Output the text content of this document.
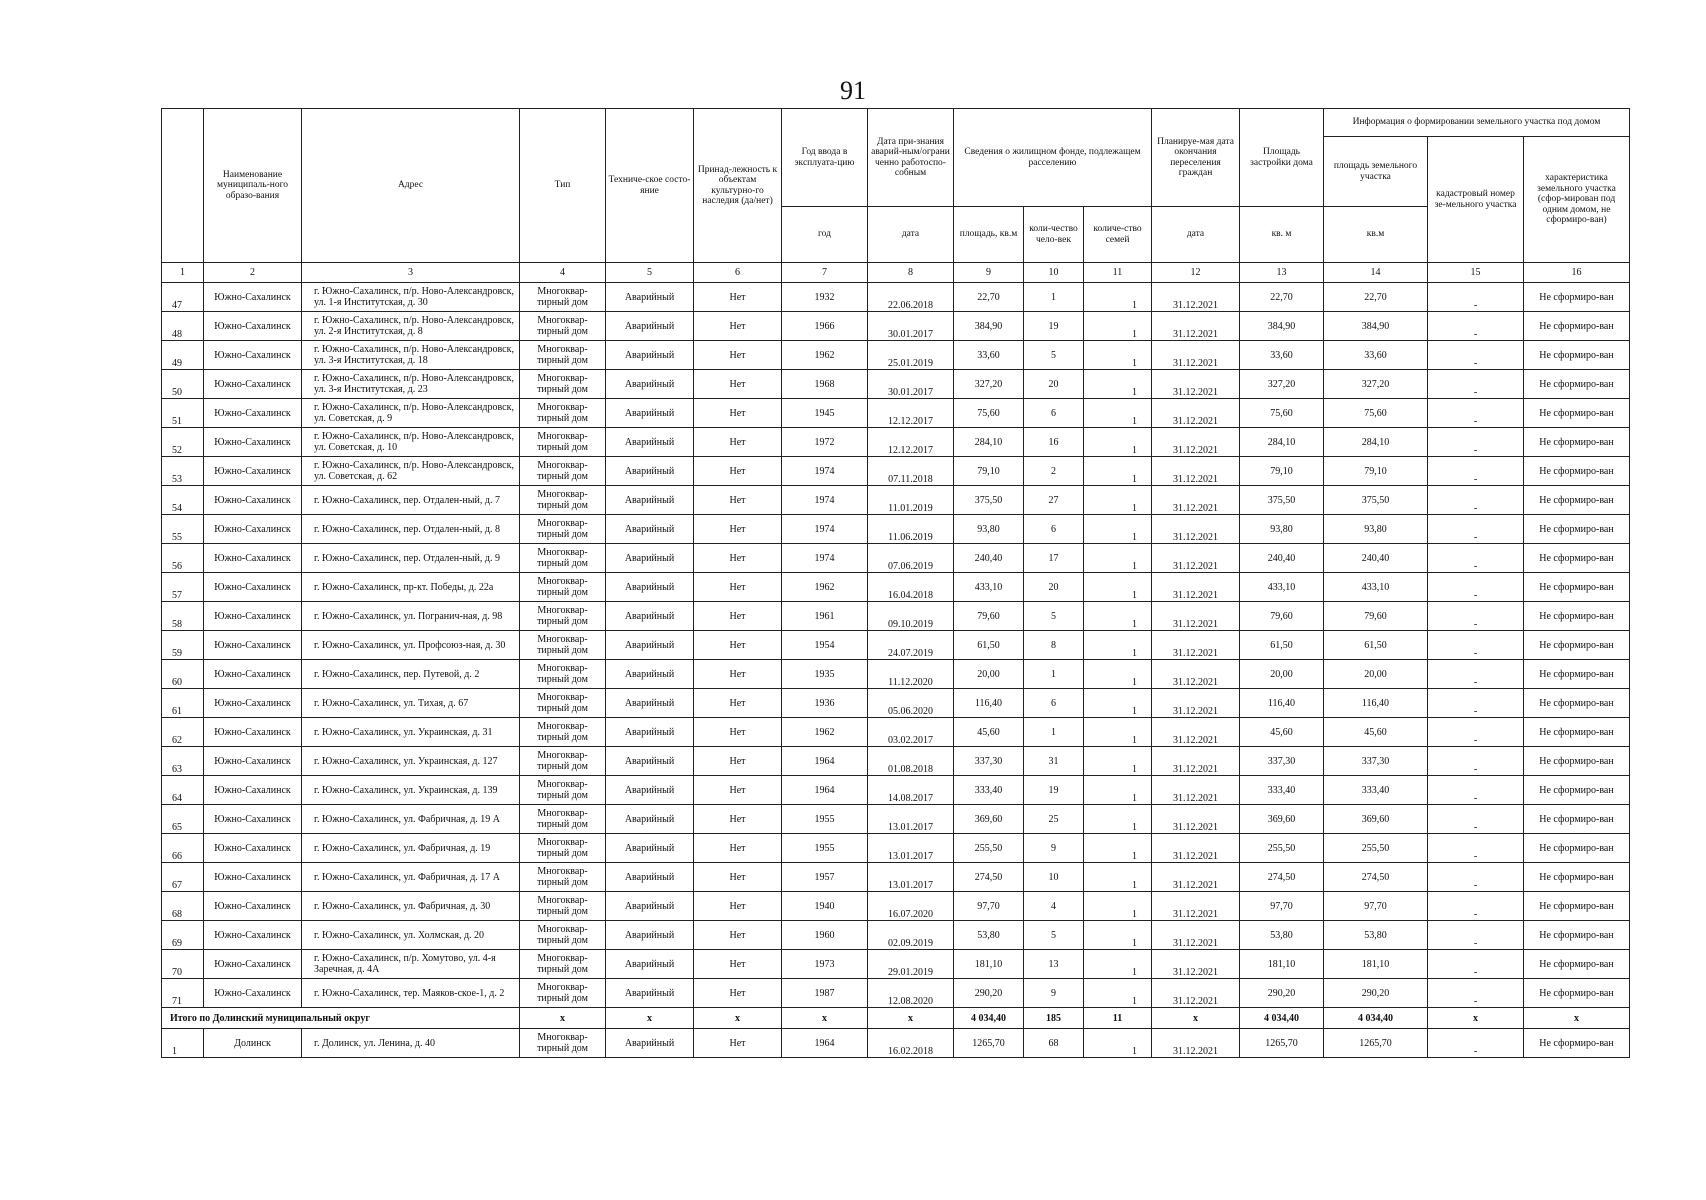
91
	Наименование муниципаль-ного образо-вания	Адрес	Тип	Техниче-ское состо-яние	Принад-лежность к объектам культурно-го наследия (да/нет)	Год ввода в эксплуата-цию	Дата при-знания аварий-ным/ограни ченно работоспо-собным	Сведения о жилищном фонде, подлежащем расселению			Планируе-мая дата окончания переселения граждан	Площадь застройки дома	Информация о формировании земельного участка под домом		
													площадь земельного участка	кадастровый номер зе-мельного участка	характеристика земельного участка (сфор-мирован под одним домом, не сформиро-ван)
						год	дата	площадь, кв.м	коли-чество чело-век	количе-ство семей	дата	кв. м	кв.м		
1	2	3	4	5	6	7	8	9	10	11	12	13	14	15	16
47	Южно-Сахалинск	г. Южно-Сахалинск, п/р. Ново-Александровск, ул. 1-я Институтская, д. 30	Многоквар-тирный дом	Аварийный	Нет	1932	22.06.2018	22,70	1	1	31.12.2021	22,70	22,70	-	Не сформиро-ван
48	Южно-Сахалинск	г. Южно-Сахалинск, п/р. Ново-Александровск, ул. 2-я Институтская, д. 8	Многоквар-тирный дом	Аварийный	Нет	1966	30.01.2017	384,90	19	1	31.12.2021	384,90	384,90	-	Не сформиро-ван
49	Южно-Сахалинск	г. Южно-Сахалинск, п/р. Ново-Александровск, ул. 3-я Институтская, д. 18	Многоквар-тирный дом	Аварийный	Нет	1962	25.01.2019	33,60	5	1	31.12.2021	33,60	33,60	-	Не сформиро-ван
50	Южно-Сахалинск	г. Южно-Сахалинск, п/р. Ново-Александровск, ул. 3-я Институтская, д. 23	Многоквар-тирный дом	Аварийный	Нет	1968	30.01.2017	327,20	20	1	31.12.2021	327,20	327,20	-	Не сформиро-ван
51	Южно-Сахалинск	г. Южно-Сахалинск, п/р. Ново-Александровск, ул. Советская, д. 9	Многоквар-тирный дом	Аварийный	Нет	1945	12.12.2017	75,60	6	1	31.12.2021	75,60	75,60	-	Не сформиро-ван
52	Южно-Сахалинск	г. Южно-Сахалинск, п/р. Ново-Александровск, ул. Советская, д. 10	Многоквар-тирный дом	Аварийный	Нет	1972	12.12.2017	284,10	16	1	31.12.2021	284,10	284,10	-	Не сформиро-ван
53	Южно-Сахалинск	г. Южно-Сахалинск, п/р. Ново-Александровск, ул. Советская, д. 62	Многоквар-тирный дом	Аварийный	Нет	1974	07.11.2018	79,10	2	1	31.12.2021	79,10	79,10	-	Не сформиро-ван
54	Южно-Сахалинск	г. Южно-Сахалинск, пер. Отдален-ный, д. 7	Многоквар-тирный дом	Аварийный	Нет	1974	11.01.2019	375,50	27	1	31.12.2021	375,50	375,50	-	Не сформиро-ван
55	Южно-Сахалинск	г. Южно-Сахалинск, пер. Отдален-ный, д. 8	Многоквар-тирный дом	Аварийный	Нет	1974	11.06.2019	93,80	6	1	31.12.2021	93,80	93,80	-	Не сформиро-ван
56	Южно-Сахалинск	г. Южно-Сахалинск, пер. Отдален-ный, д. 9	Многоквар-тирный дом	Аварийный	Нет	1974	07.06.2019	240,40	17	1	31.12.2021	240,40	240,40	-	Не сформиро-ван
57	Южно-Сахалинск	г. Южно-Сахалинск, пр-кт. Победы, д. 22а	Многоквар-тирный дом	Аварийный	Нет	1962	16.04.2018	433,10	20	1	31.12.2021	433,10	433,10	-	Не сформиро-ван
58	Южно-Сахалинск	г. Южно-Сахалинск, ул. Погранич-ная, д. 98	Многоквар-тирный дом	Аварийный	Нет	1961	09.10.2019	79,60	5	1	31.12.2021	79,60	79,60	-	Не сформиро-ван
59	Южно-Сахалинск	г. Южно-Сахалинск, ул. Профсоюз-ная, д. 30	Многоквар-тирный дом	Аварийный	Нет	1954	24.07.2019	61,50	8	1	31.12.2021	61,50	61,50	-	Не сформиро-ван
60	Южно-Сахалинск	г. Южно-Сахалинск, пер. Путевой, д. 2	Многоквар-тирный дом	Аварийный	Нет	1935	11.12.2020	20,00	1	1	31.12.2021	20,00	20,00	-	Не сформиро-ван
61	Южно-Сахалинск	г. Южно-Сахалинск, ул. Тихая, д. 67	Многоквар-тирный дом	Аварийный	Нет	1936	05.06.2020	116,40	6	1	31.12.2021	116,40	116,40	-	Не сформиро-ван
62	Южно-Сахалинск	г. Южно-Сахалинск, ул. Украинская, д. 31	Многоквар-тирный дом	Аварийный	Нет	1962	03.02.2017	45,60	1	1	31.12.2021	45,60	45,60	-	Не сформиро-ван
63	Южно-Сахалинск	г. Южно-Сахалинск, ул. Украинская, д. 127	Многоквар-тирный дом	Аварийный	Нет	1964	01.08.2018	337,30	31	1	31.12.2021	337,30	337,30	-	Не сформиро-ван
64	Южно-Сахалинск	г. Южно-Сахалинск, ул. Украинская, д. 139	Многоквар-тирный дом	Аварийный	Нет	1964	14.08.2017	333,40	19	1	31.12.2021	333,40	333,40	-	Не сформиро-ван
65	Южно-Сахалинск	г. Южно-Сахалинск, ул. Фабричная, д. 19 А	Многоквар-тирный дом	Аварийный	Нет	1955	13.01.2017	369,60	25	1	31.12.2021	369,60	369,60	-	Не сформиро-ван
66	Южно-Сахалинск	г. Южно-Сахалинск, ул. Фабричная, д. 19	Многоквар-тирный дом	Аварийный	Нет	1955	13.01.2017	255,50	9	1	31.12.2021	255,50	255,50	-	Не сформиро-ван
67	Южно-Сахалинск	г. Южно-Сахалинск, ул. Фабричная, д. 17 А	Многоквар-тирный дом	Аварийный	Нет	1957	13.01.2017	274,50	10	1	31.12.2021	274,50	274,50	-	Не сформиро-ван
68	Южно-Сахалинск	г. Южно-Сахалинск, ул. Фабричная, д. 30	Многоквар-тирный дом	Аварийный	Нет	1940	16.07.2020	97,70	4	1	31.12.2021	97,70	97,70	-	Не сформиро-ван
69	Южно-Сахалинск	г. Южно-Сахалинск, ул. Холмская, д. 20	Многоквар-тирный дом	Аварийный	Нет	1960	02.09.2019	53,80	5	1	31.12.2021	53,80	53,80	-	Не сформиро-ван
70	Южно-Сахалинск	г. Южно-Сахалинск, п/р. Хомутово, ул. 4-я Заречная, д. 4А	Многоквар-тирный дом	Аварийный	Нет	1973	29.01.2019	181,10	13	1	31.12.2021	181,10	181,10	-	Не сформиро-ван
71	Южно-Сахалинск	г. Южно-Сахалинск, тер. Маяков-ское-1, д. 2	Многоквар-тирный дом	Аварийный	Нет	1987	12.08.2020	290,20	9	1	31.12.2021	290,20	290,20	-	Не сформиро-ван
Итого по Долинский муниципальный округ			x	x	x	x	x	4 034,40	185	11	x	4 034,40	4 034,40	x	x
1	Долинск	г. Долинск, ул. Ленина, д. 40	Многоквар-тирный дом	Аварийный	Нет	1964	16.02.2018	1265,70	68	1	31.12.2021	1265,70	1265,70	-	Не сформиро-ван
